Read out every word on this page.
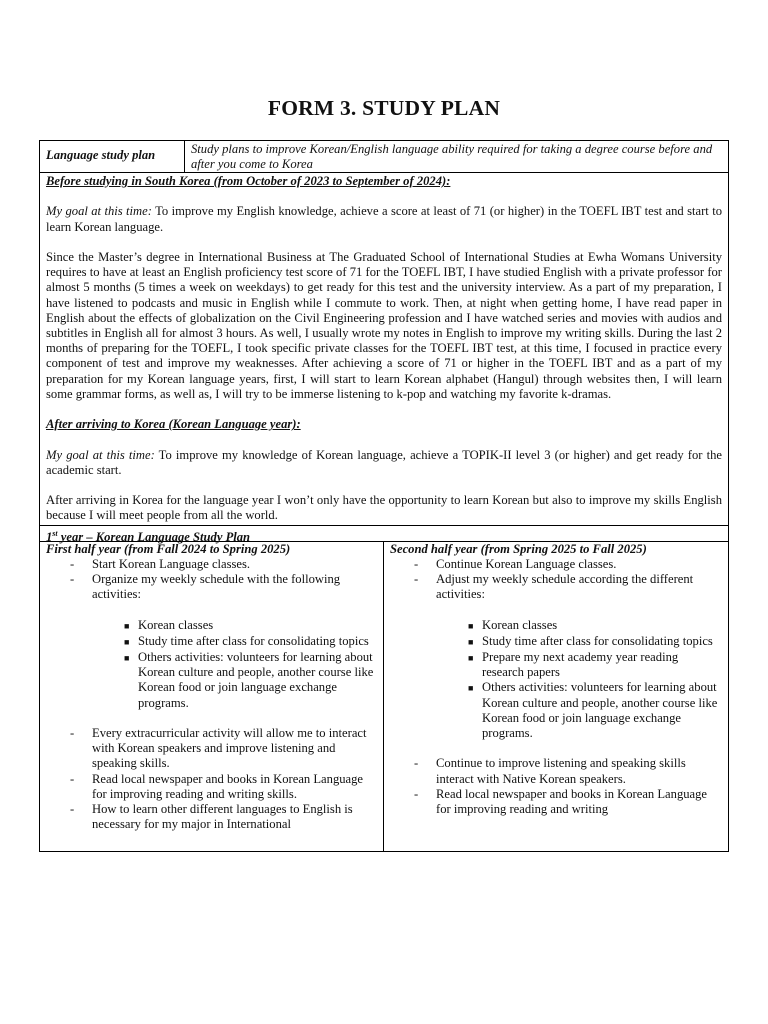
FORM 3. STUDY PLAN
Language study plan	Study plans to improve Korean/English language ability required for taking a degree course before and after you come to Korea
Before studying in South Korea (from October of 2023 to September of 2024):

My goal at this time: To improve my English knowledge, achieve a score at least of 71 (or higher) in the TOEFL IBT test and start to learn Korean language.

Since the Master’s degree in International Business at The Graduated School of International Studies at Ewha Womans University requires to have at least an English proficiency test score of 71 for the TOEFL IBT, I have studied English with a private professor for almost 5 months (5 times a week on weekdays) to get ready for this test and the university interview. As a part of my preparation, I have listened to podcasts and music in English while I commute to work. Then, at night when getting home, I have read paper in English about the effects of globalization on the Civil Engineering profession and I have watched series and movies with audios and subtitles in English all for almost 3 hours. As well, I usually wrote my notes in English to improve my writing skills. During the last 2 months of preparing for the TOEFL, I took specific private classes for the TOEFL IBT test, at this time, I focused in practice every component of test and improve my weaknesses. After achieving a score of 71 or higher in the TOEFL IBT and as a part of my preparation for my Korean language years, first, I will start to learn Korean alphabet (Hangul) through websites then, I will learn some grammar forms, as well as, I will try to be immerse listening to k-pop and watching my favorite k-dramas.

After arriving to Korea (Korean Language year):

My goal at this time: To improve my knowledge of Korean language, achieve a TOPIK-II level 3 (or higher) and get ready for the academic start.

After arriving in Korea for the language year I won’t only have the opportunity to learn Korean but also to improve my skills English because I will meet people from all the world.

1st year – Korean Language Study Plan
First half year (from Fall 2024 to Spring 2025)
-	Start Korean Language classes.
-	Organize my weekly schedule with the following activities:
■ Korean classes
■ Study time after class for consolidating topics
■ Others activities: volunteers for learning about Korean culture and people, another course like Korean food or join language exchange programs.
-	Every extracurricular activity will allow me to interact with Korean speakers and improve listening and speaking skills.
-	Read local newspaper and books in Korean Language for improving reading and writing skills.
-	How to learn other different languages to English is necessary for my major in International
Second half year (from Spring 2025 to Fall 2025)
-	Continue Korean Language classes.
-	Adjust my weekly schedule according the different activities:
■ Korean classes
■ Study time after class for consolidating topics
■ Prepare my next academy year reading research papers
■ Others activities: volunteers for learning about Korean culture and people, another course like Korean food or join language exchange programs.
-	Continue to improve listening and speaking skills interact with Native Korean speakers.
-	Read local newspaper and books in Korean Language for improving reading and writing
